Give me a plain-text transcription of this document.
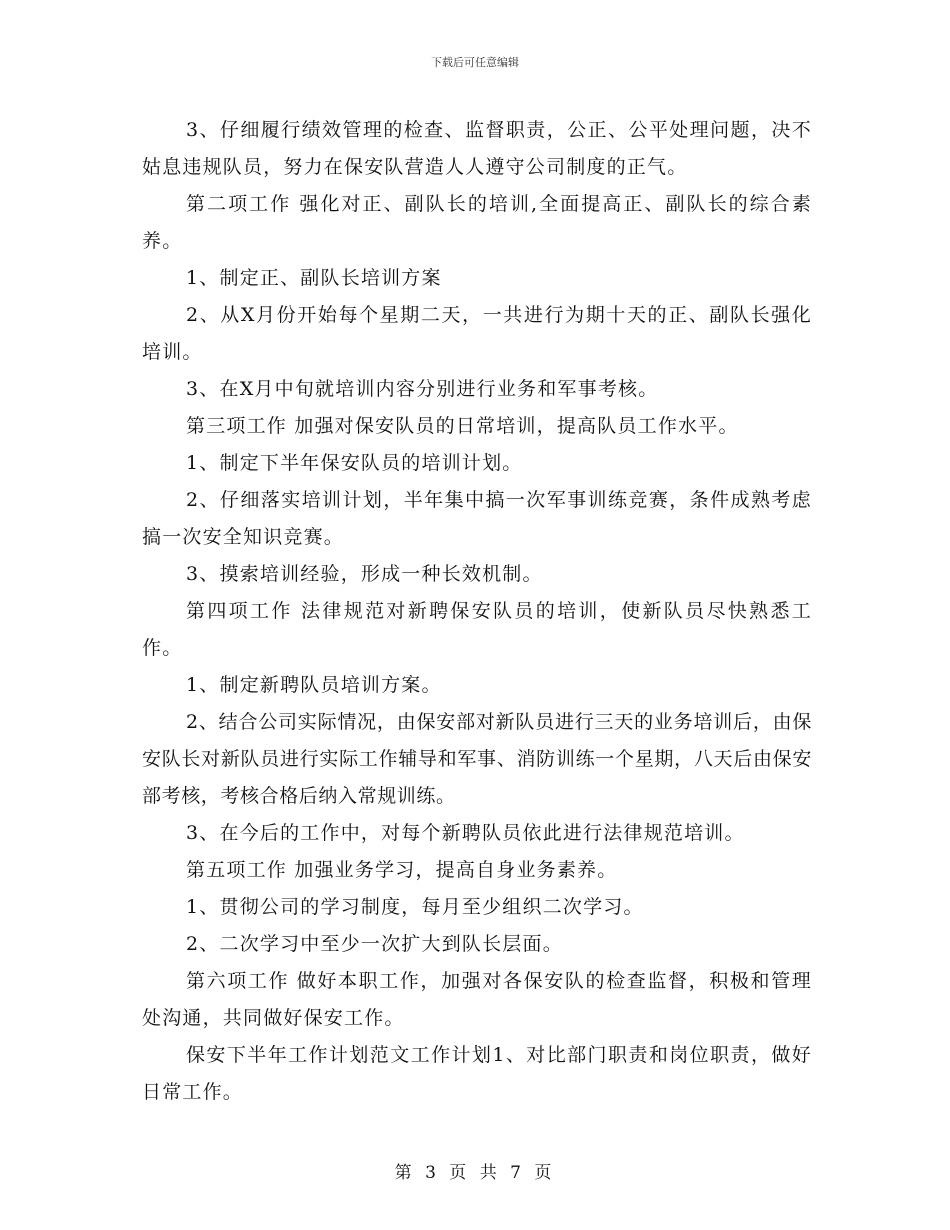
下载后可任意编辑

3、仔细履行绩效管理的检查、监督职责，公正、公平处理问题，决不姑息违规队员，努力在保安队营造人人遵守公司制度的正气。

第二项工作 强化对正、副队长的培训,全面提高正、副队长的综合素养。

1、制定正、副队长培训方案

2、从X月份开始每个星期二天，一共进行为期十天的正、副队长强化培训。

3、在X月中旬就培训内容分别进行业务和军事考核。

第三项工作 加强对保安队员的日常培训，提高队员工作水平。

1、制定下半年保安队员的培训计划。

2、仔细落实培训计划，半年集中搞一次军事训练竞赛，条件成熟考虑搞一次安全知识竞赛。

3、摸索培训经验，形成一种长效机制。

第四项工作 法律规范对新聘保安队员的培训，使新队员尽快熟悉工作。

1、制定新聘队员培训方案。

2、结合公司实际情况，由保安部对新队员进行三天的业务培训后，由保安队长对新队员进行实际工作辅导和军事、消防训练一个星期，八天后由保安部考核，考核合格后纳入常规训练。

3、在今后的工作中，对每个新聘队员依此进行法律规范培训。

第五项工作 加强业务学习，提高自身业务素养。

1、贯彻公司的学习制度，每月至少组织二次学习。

2、二次学习中至少一次扩大到队长层面。

第六项工作 做好本职工作，加强对各保安队的检查监督，积极和管理处沟通，共同做好保安工作。

保安下半年工作计划范文工作计划1、对比部门职责和岗位职责，做好日常工作。

第 3 页 共 7 页
